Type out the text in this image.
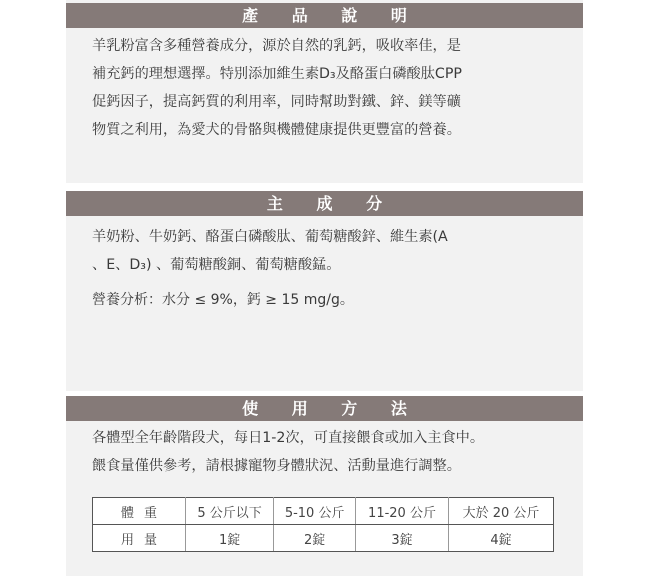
產 品 說 明
羊乳粉富含多種營養成分，源於自然的乳鈣，吸收率佳，是
補充鈣的理想選擇。特別添加維生素D₃及酪蛋白磷酸肽CPP
促鈣因子，提高鈣質的利用率，同時幫助對鐵、鋅、鎂等礦
物質之利用，為愛犬的骨骼與機體健康提供更豐富的營養。
主 成 分
羊奶粉、牛奶鈣、酪蛋白磷酸肽、葡萄糖酸鋅、維生素(A
、E、D₃) 、葡萄糖酸銅、葡萄糖酸錳。
營養分析：水分 ≤ 9%，鈣 ≥ 15 mg/g。
使 用 方 法
各體型全年齡階段犬，每日1-2次，可直接餵食或加入主食中。
餵食量僅供參考，請根據寵物身體狀況、活動量進行調整。
體重	5 公斤以下	5-10 公斤	11-20 公斤	大於 20 公斤
用量	1錠	2錠	3錠	4錠
